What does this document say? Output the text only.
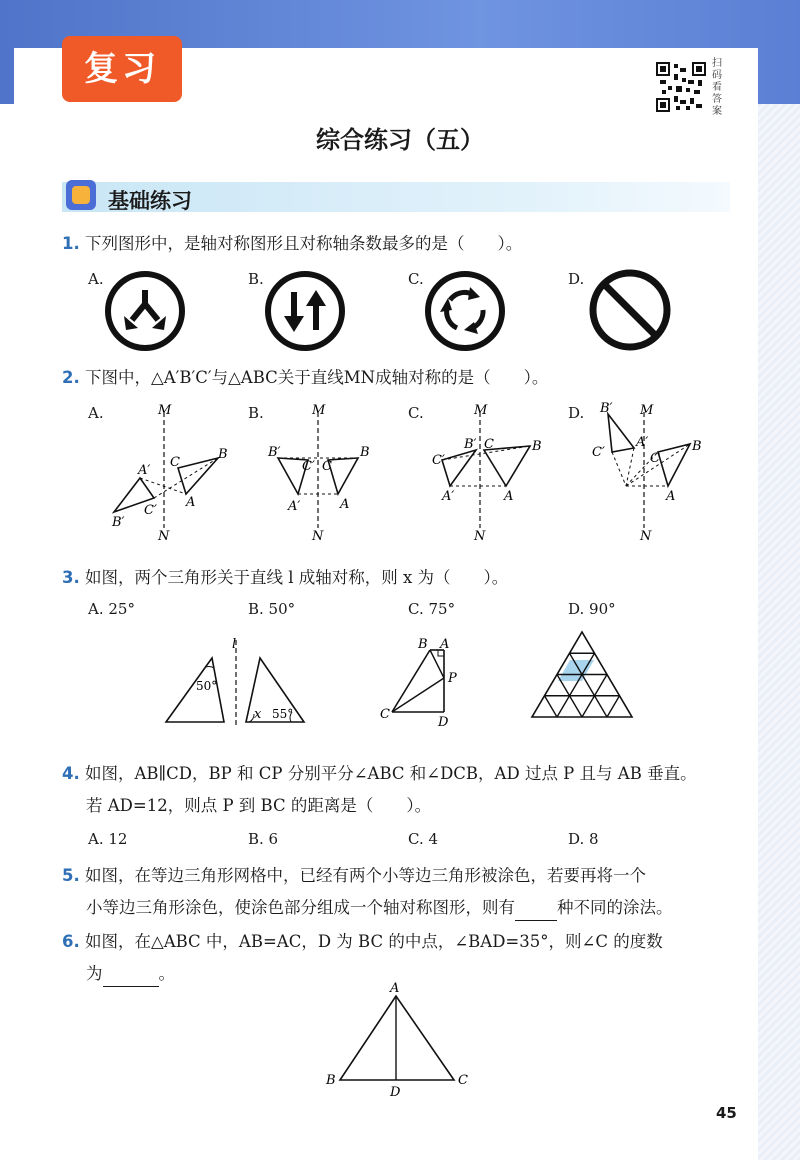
复习	扫
码
看
答
案
综合练习（五）
基础练习
1. 下列图形中，是轴对称图形且对称轴条数最多的是（　　）。
A.	B.	C.	D.
2. 下图中，△A′B′C′与△ABC关于直线MN成轴对称的是（　　）。
A.	B.	C.	D.
M
N
A′
B′
C′
C
B
A
M
N
B′
C′
A′
C
B
A
M
N
C′
B′
A′
C	B
A
M
N
B′
C′
A′
C
B
A
3. 如图，两个三角形关于直线 l 成轴对称，则 x 为（　　）。
A. 25°	B. 50°	C. 75°	D. 90°
l
50°
x 55°
B A
P
C
D
4. 如图，AB∥CD，BP 和 CP 分别平分∠ABC 和∠DCB，AD 过点 P 且与 AB 垂直。
若 AD=12，则点 P 到 BC 的距离是（　　）。
A. 12	B. 6	C. 4	D. 8
5. 如图，在等边三角形网格中，已经有两个小等边三角形被涂色，若要再将一个
小等边三角形涂色，使涂色部分组成一个轴对称图形，则有	种不同的涂法。
6. 如图，在△ABC 中，AB=AC，D 为 BC 的中点，∠BAD=35°，则∠C 的度数
为	。
A
B	C
D
45
